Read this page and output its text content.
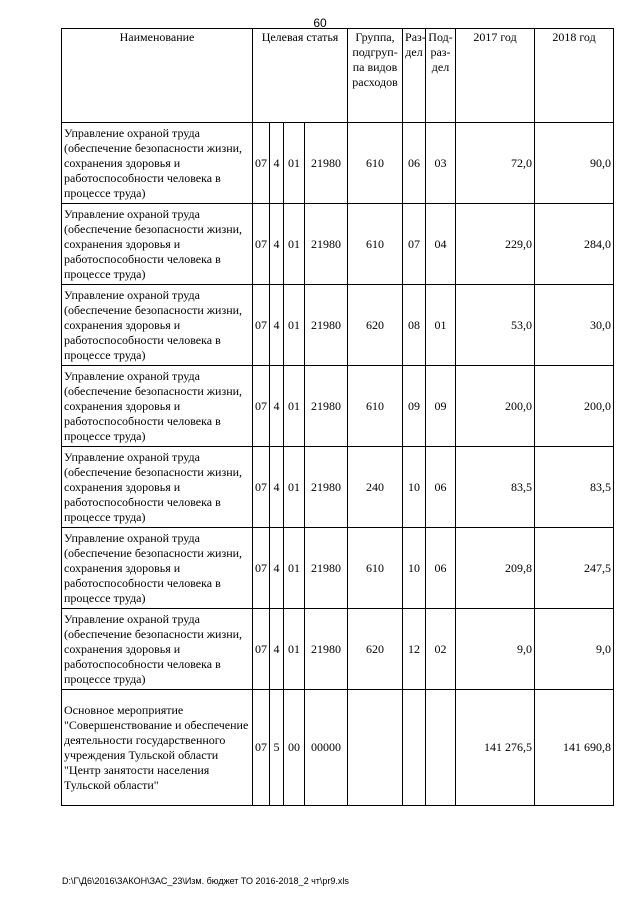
60
Наименование	Целевая статья				Группа, подгруп-па видов расходов	Раз-дел	Под-раз-дел	2017 год	2018 год
Управление охраной труда (обеспечение безопасности жизни, сохранения здоровья и работоспособности человека в процессе труда)	07	4	01	21980	610	06	03	72,0	90,0
Управление охраной труда (обеспечение безопасности жизни, сохранения здоровья и работоспособности человека в процессе труда)	07	4	01	21980	610	07	04	229,0	284,0
Управление охраной труда (обеспечение безопасности жизни, сохранения здоровья и работоспособности человека в процессе труда)	07	4	01	21980	620	08	01	53,0	30,0
Управление охраной труда (обеспечение безопасности жизни, сохранения здоровья и работоспособности человека в процессе труда)	07	4	01	21980	610	09	09	200,0	200,0
Управление охраной труда (обеспечение безопасности жизни, сохранения здоровья и работоспособности человека в процессе труда)	07	4	01	21980	240	10	06	83,5	83,5
Управление охраной труда (обеспечение безопасности жизни, сохранения здоровья и работоспособности человека в процессе труда)	07	4	01	21980	610	10	06	209,8	247,5
Управление охраной труда (обеспечение безопасности жизни, сохранения здоровья и работоспособности человека в процессе труда)	07	4	01	21980	620	12	02	9,0	9,0
Основное мероприятие "Совершенствование и обеспечение деятельности государственного учреждения Тульской области "Центр занятости населения Тульской области"	07	5	00	00000				141 276,5	141 690,8
D:\Г\Д6\2016\ЗАКОН\ЗАС_23\Изм. бюджет ТО 2016-2018_2 чт\pr9.xls
